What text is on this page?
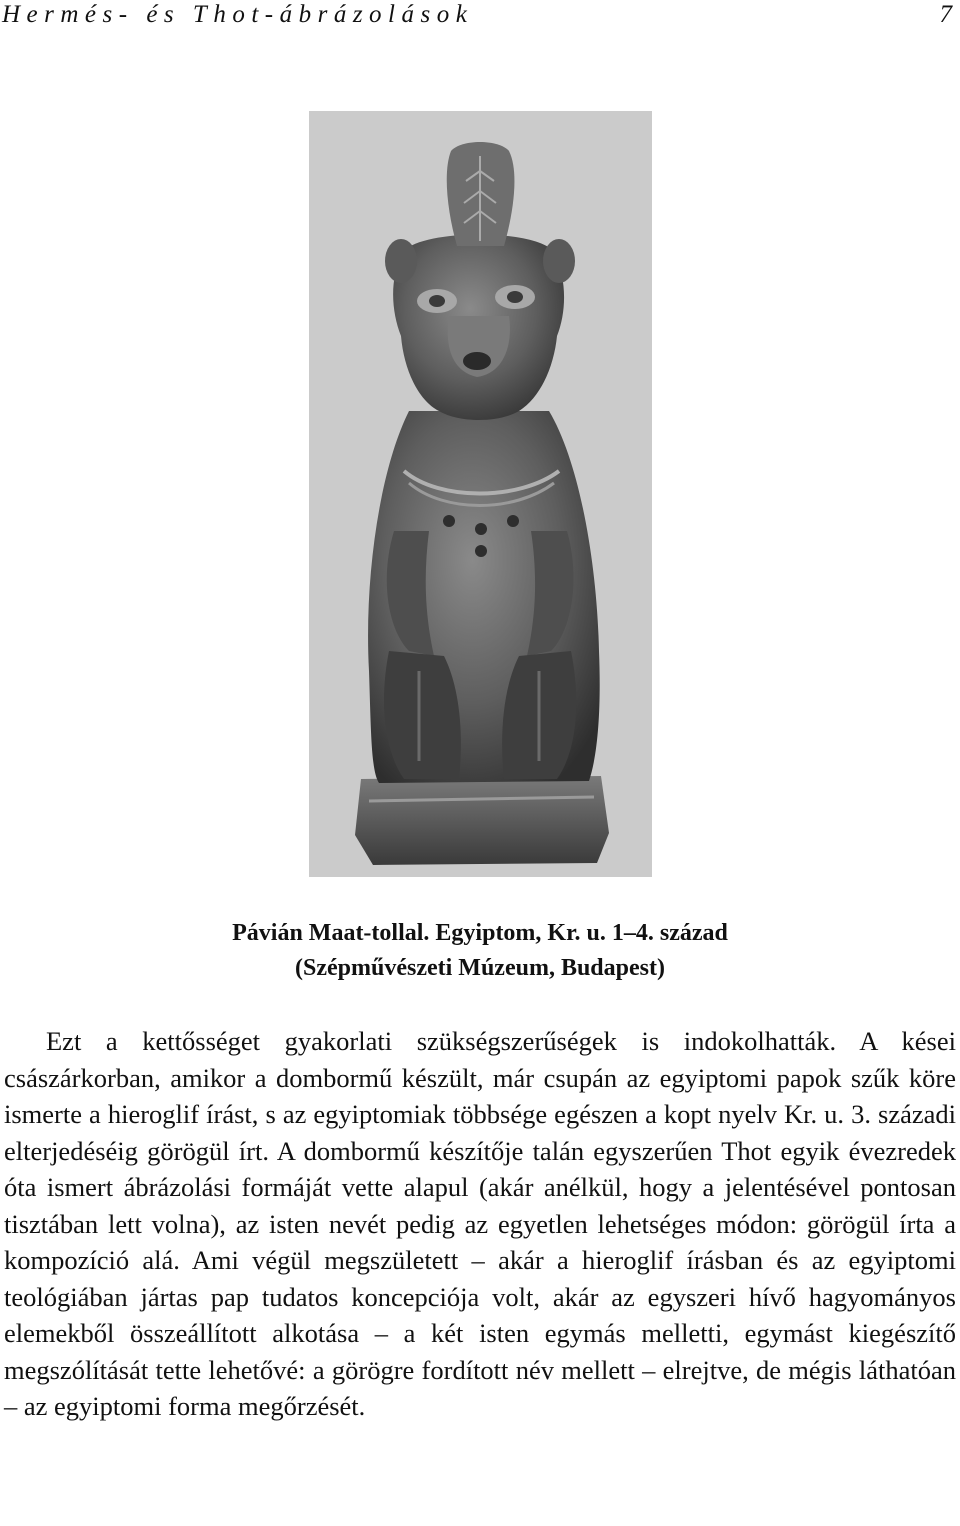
Hermés- és Thot-ábrázolások	7
Pávián Maat-tollal. Egyiptom, Kr. u. 1–4. század
(Szépművészeti Múzeum, Budapest)

Ezt a kettősséget gyakorlati szükségszerűségek is indokolhatták. A kései császárkorban, amikor a dombormű készült, már csupán az egyiptomi papok szűk köre ismerte a hieroglif írást, s az egyiptomiak többsége egészen a kopt nyelv Kr. u. 3. századi elterjedéséig görögül írt. A dombormű készítője talán egyszerűen Thot egyik évezredek óta ismert ábrázolási formáját vette alapul (akár anélkül, hogy a jelentésével pontosan tisztában lett volna), az isten nevét pedig az egyetlen lehetséges módon: görögül írta a kompozíció alá. Ami végül megszületett – akár a hieroglif írásban és az egyiptomi teológiában jártas pap tudatos koncepciója volt, akár az egyszeri hívő hagyományos elemekből összeállított alkotása – a két isten egymás melletti, egymást kiegészítő megszólítását tette lehetővé: a görögre fordított név mellett – elrejtve, de mégis láthatóan – az egyiptomi forma megőrzését.
